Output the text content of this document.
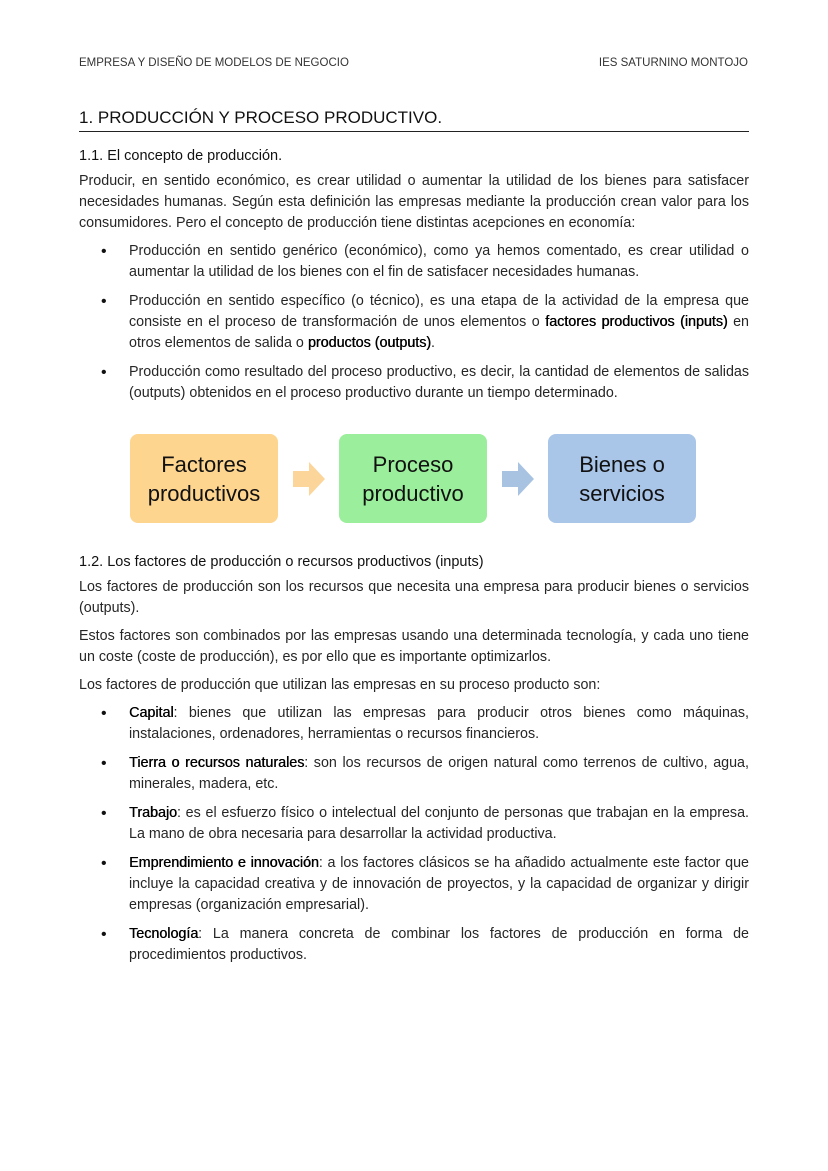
EMPRESA Y DISEÑO DE MODELOS DE NEGOCIO	IES SATURNINO MONTOJO
1. PRODUCCIÓN Y PROCESO PRODUCTIVO.
1.1. El concepto de producción.

Producir, en sentido económico, es crear utilidad o aumentar la utilidad de los bienes para satisfacer necesidades humanas. Según esta definición las empresas mediante la producción crean valor para los consumidores. Pero el concepto de producción tiene distintas acepciones en economía:

• Producción en sentido genérico (económico), como ya hemos comentado, es crear utilidad o aumentar la utilidad de los bienes con el fin de satisfacer necesidades humanas.
• Producción en sentido específico (o técnico), es una etapa de la actividad de la empresa que consiste en el proceso de transformación de unos elementos o factores productivos (inputs) en otros elementos de salida o productos (outputs).
• Producción como resultado del proceso productivo, es decir, la cantidad de elementos de salidas (outputs) obtenidos en el proceso productivo durante un tiempo determinado.
Factores productivos
Proceso productivo
Bienes o servicios
1.2. Los factores de producción o recursos productivos (inputs)

Los factores de producción son los recursos que necesita una empresa para producir bienes o servicios (outputs).

Estos factores son combinados por las empresas usando una determinada tecnología, y cada uno tiene un coste (coste de producción), es por ello que es importante optimizarlos.

Los factores de producción que utilizan las empresas en su proceso producto son:

• Capital: bienes que utilizan las empresas para producir otros bienes como máquinas, instalaciones, ordenadores, herramientas o recursos financieros.
• Tierra o recursos naturales: son los recursos de origen natural como terrenos de cultivo, agua, minerales, madera, etc.
• Trabajo: es el esfuerzo físico o intelectual del conjunto de personas que trabajan en la empresa. La mano de obra necesaria para desarrollar la actividad productiva.
• Emprendimiento e innovación: a los factores clásicos se ha añadido actualmente este factor que incluye la capacidad creativa y de innovación de proyectos, y la capacidad de organizar y dirigir empresas (organización empresarial).
• Tecnología: La manera concreta de combinar los factores de producción en forma de procedimientos productivos.
